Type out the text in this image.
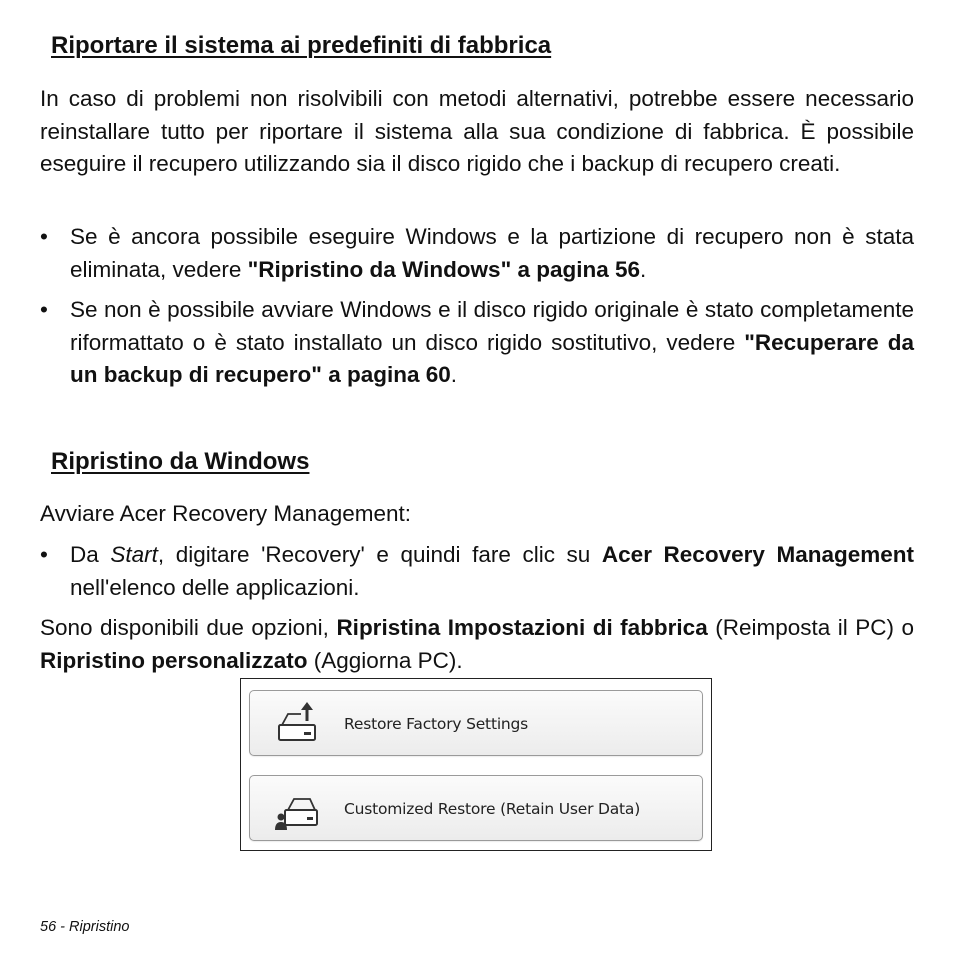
Riportare il sistema ai predefiniti di fabbrica

In caso di problemi non risolvibili con metodi alternativi, potrebbe essere necessario reinstallare tutto per riportare il sistema alla sua condizione di fabbrica. È possibile eseguire il recupero utilizzando sia il disco rigido che i backup di recupero creati.

• Se è ancora possibile eseguire Windows e la partizione di recupero non è stata eliminata, vedere "Ripristino da Windows" a pagina 56.
• Se non è possibile avviare Windows e il disco rigido originale è stato completamente riformattato o è stato installato un disco rigido sostitutivo, vedere "Recuperare da un backup di recupero" a pagina 60.
Ripristino da Windows

Avviare Acer Recovery Management:

• Da Start, digitare 'Recovery' e quindi fare clic su Acer Recovery Management nell'elenco delle applicazioni.

Sono disponibili due opzioni, Ripristina Impostazioni di fabbrica (Reimposta il PC) o Ripristino personalizzato (Aggiorna PC).

Restore Factory Settings
Customized Restore (Retain User Data)
56 - Ripristino
